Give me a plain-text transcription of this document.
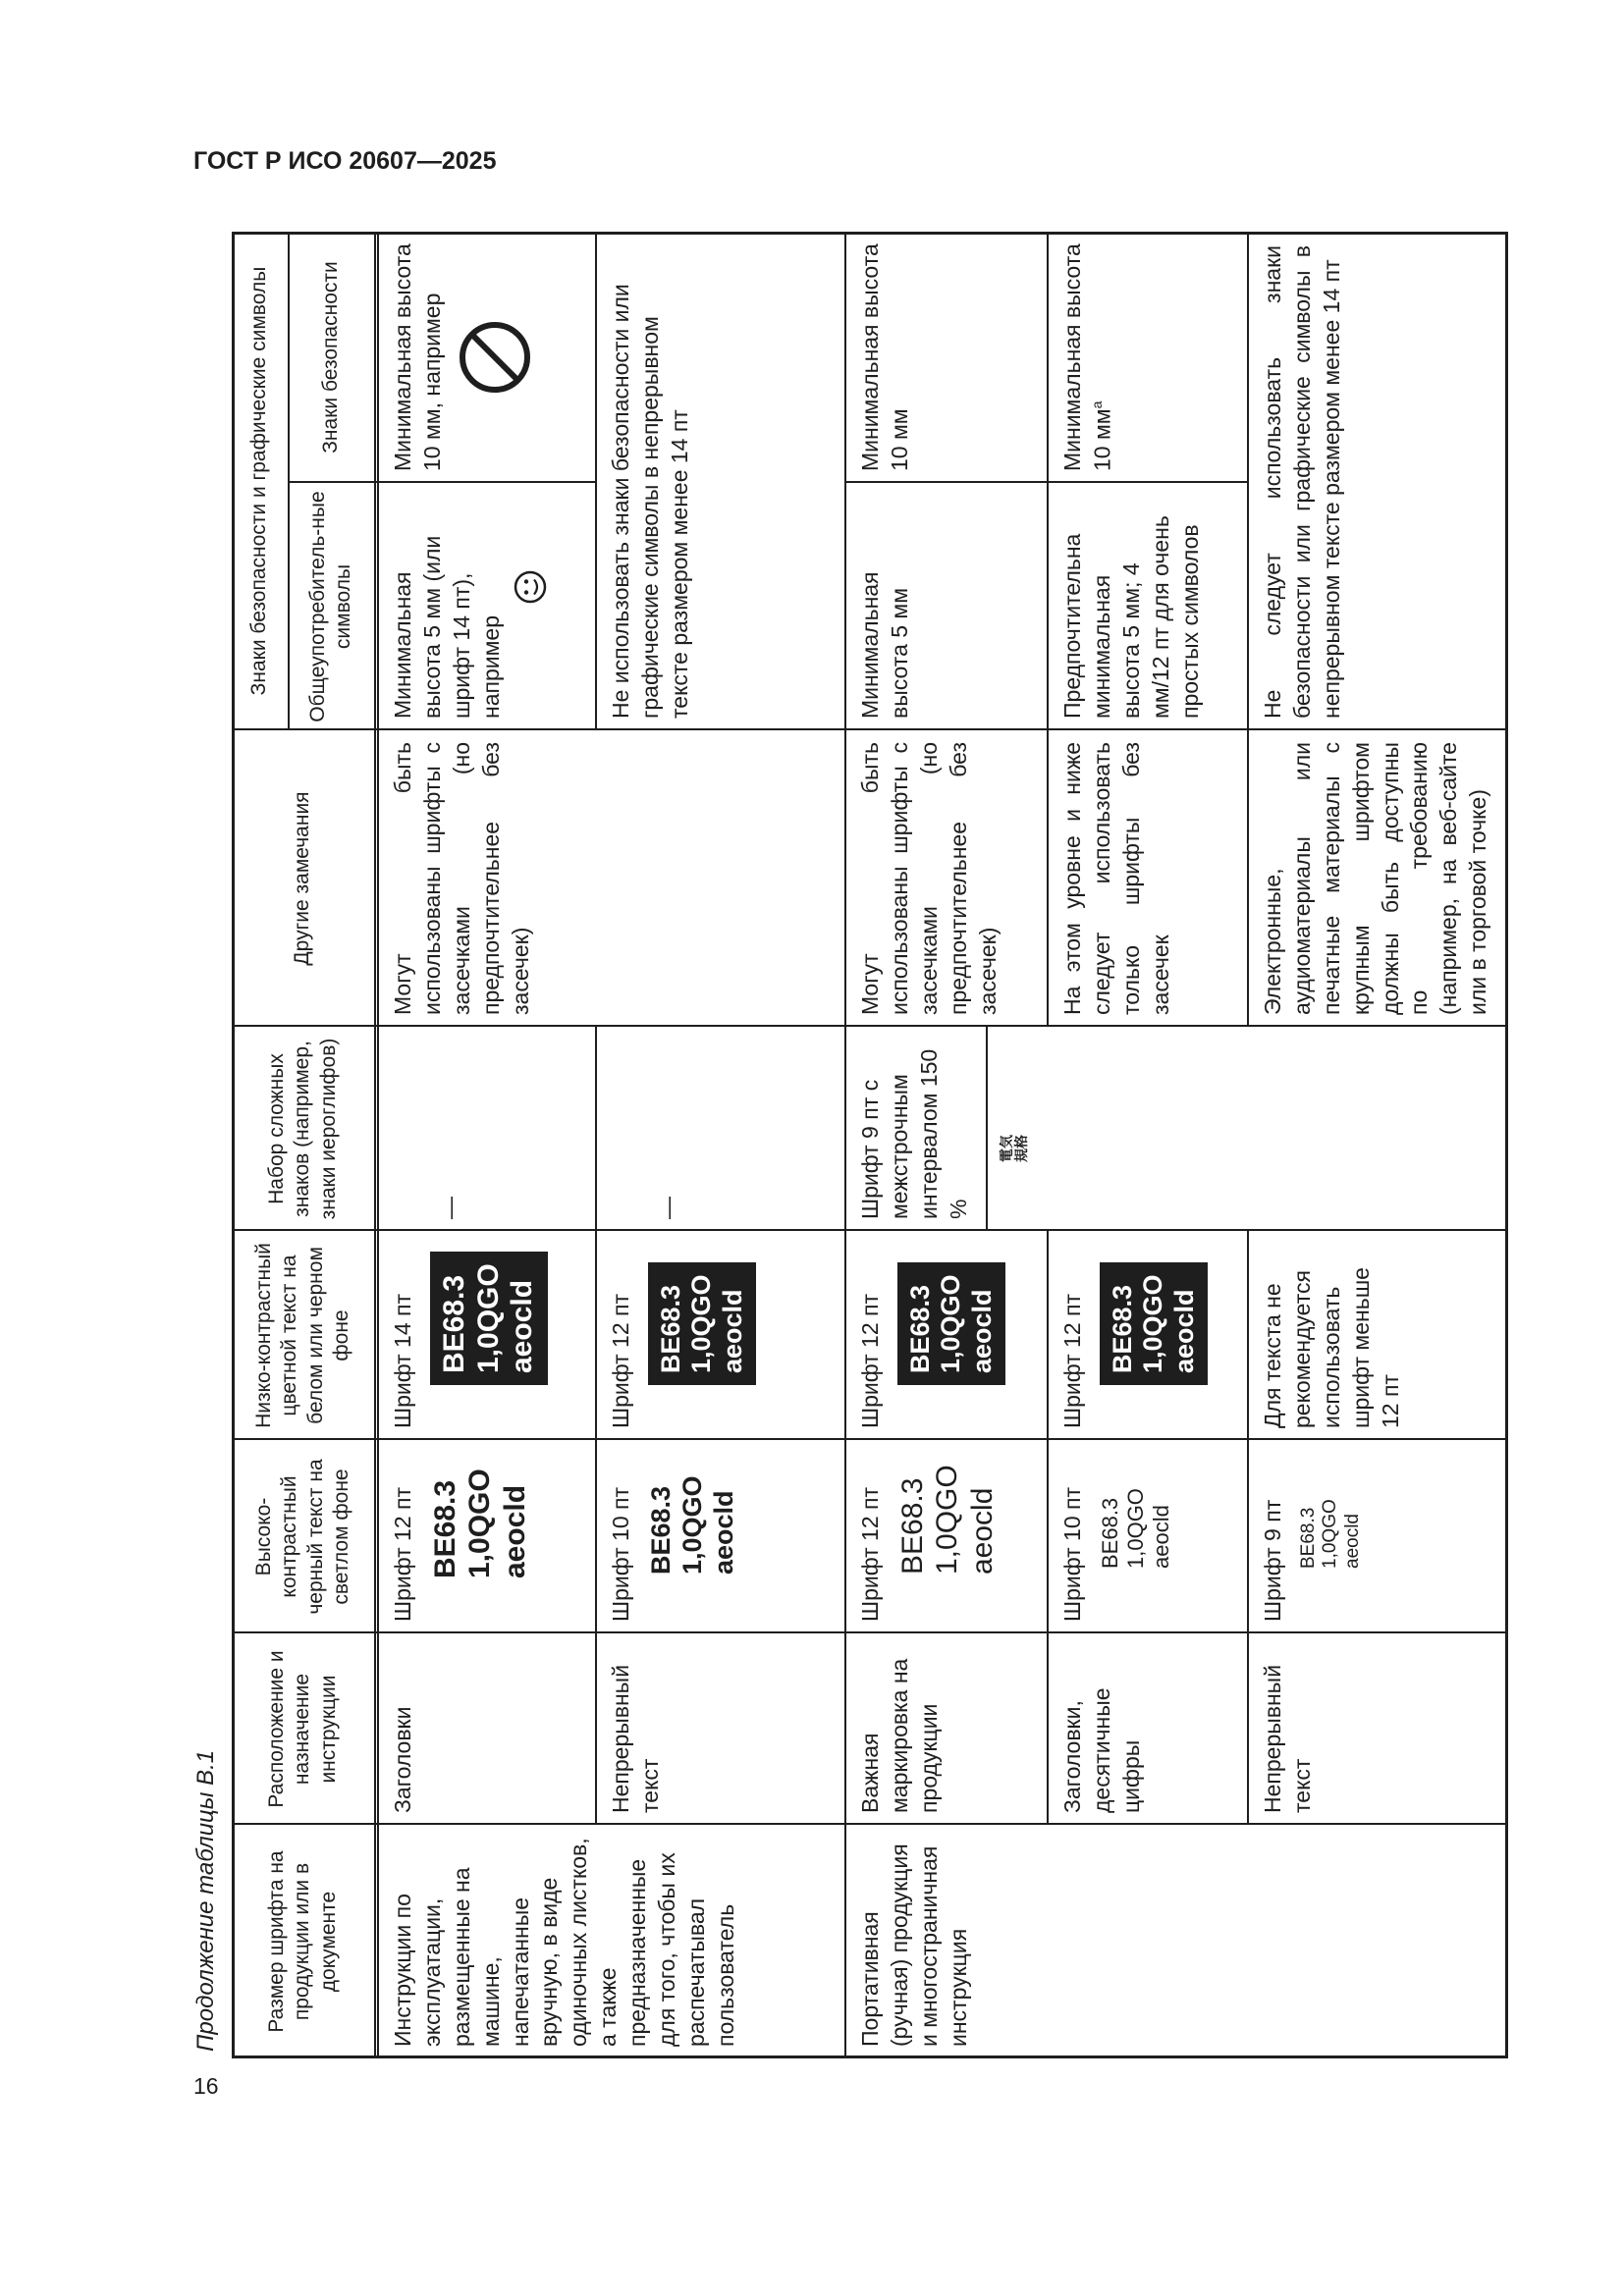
ГОСТ Р ИСО 20607—2025
16
Продолжение таблицы В.1	Размер шрифта на продукции или в документе
Расположение и назначение инструкции
Высоко-контрастный черный текст на светлом фоне
Низко-контрастный цветной текст на белом или черном фоне
Набор сложных знаков (например, знаки иероглифов)
Другие замечания
Знаки безопасности и графические символы	Общеупотребитель-ные символы
Знаки безопасности
Инструкции по эксплуатации, размещенные на машине, напечатанные вручную, в виде одиночных листков, а также предназначенные для того, чтобы их распечатывал пользователь
Заголовки
Шрифт 12 пт BE68.3 1,0QGO aeocld
Шрифт 14 пт BE68.3 1,0QGO aeocld
—
Могут быть использованы шрифты с засечками (но предпочтительнее без засечек)
Минимальная высота 5 мм (или шрифт 14 пт), например
Минимальная высота 10 мм, например
Непрерывный текст
Шрифт 10 пт BE68.3 1,0QGO aeocld
Шрифт 12 пт BE68.3 1,0QGO aeocld
—
Не использовать знаки безопасности или графические символы в непрерывном тексте размером менее 14 пт
Портативная (ручная) продукция и многостраничная инструкция
Важная маркировка на продукции
Шрифт 12 пт BE68.3 1,0QGO aeocld
Шрифт 12 пт BE68.3 1,0QGO aeocld
Шрифт 9 пт с межстрочным интервалом 150 %
電気 規格
Могут быть использованы шрифты с засечками (но предпочтительнее без засечек)
Минимальная высота 5 мм
Минимальная высота 10 мм
Заголовки, десятичные цифры
Шрифт 10 пт BE68.3 1,0QGO aeocld
Шрифт 12 пт BE68.3 1,0QGO aeocld
На этом уровне и ниже следует использовать только шрифты без засечек
Предпочтительна минимальная высота 5 мм; 4 мм/12 пт для очень простых символов
Минимальная высота 10 $мм^a$
Непрерывный текст
Шрифт 9 пт BE68.3 1,0QGO aeocld
Для текста не рекомендуется использовать шрифт меньше 12 пт
Электронные, аудиоматериалы или печатные материалы с крупным шрифтом должны быть доступны по требованию (например, на веб-сайте или в торговой точке)
Не следует использовать знаки безопасности или графические символы в непрерывном тексте размером менее 14 пт
